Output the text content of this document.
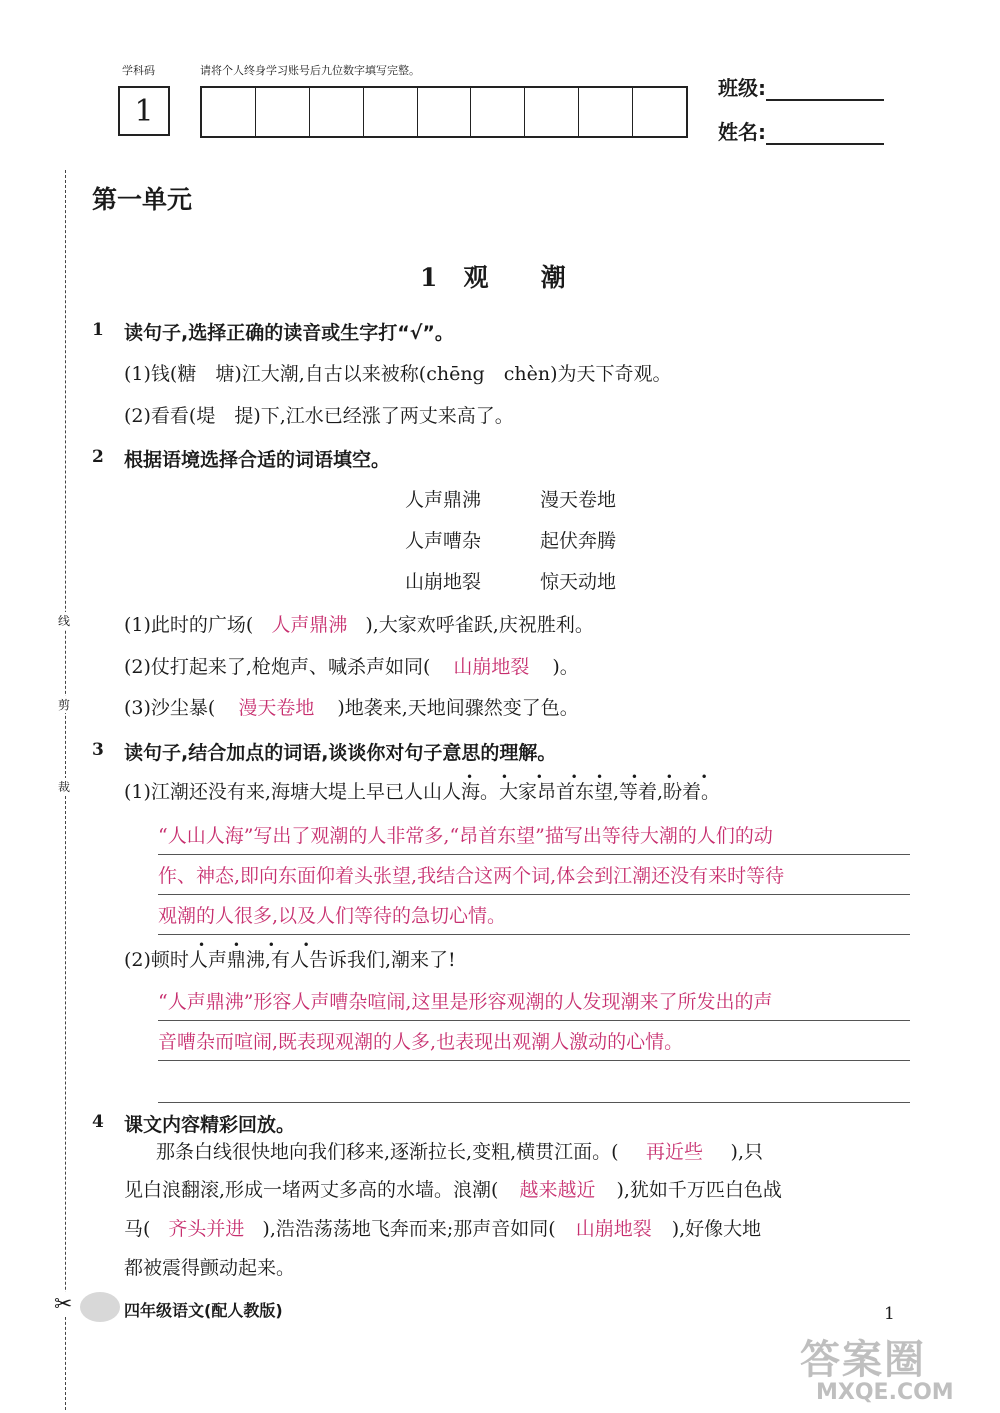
学科码	请将个人终身学习账号后九位数字填写完整。
1
班级:
姓名:
线
剪
裁
✂
第一单元
1 观 潮
1 读句子,选择正确的读音或生字打“√”。
(1)钱(糖　塘)江大潮,自古以来被称(chēng　chèn)为天下奇观。
(2)看看(堤　提)下,江水已经涨了两丈来高了。
2 根据语境选择合适的词语填空。
人声鼎沸	漫天卷地
人声嘈杂	起伏奔腾
山崩地裂	惊天动地
(1)此时的广场( 人声鼎沸 ),大家欢呼雀跃,庆祝胜利。
(2)仗打起来了,枪炮声、喊杀声如同( 山崩地裂 )。
(3)沙尘暴( 漫天卷地 )地袭来,天地间骤然变了色。
3 读句子,结合加点的词语,谈谈你对句子意思的理解。
(1)江潮还没有来,海塘大堤上早已人山人海。大家昂首东望,等着,盼着。
• • • • • • • •
“人山人海”写出了观潮的人非常多,“昂首东望”描写出等待大潮的人们的动
作、神态,即向东面仰着头张望,我结合这两个词,体会到江潮还没有来时等待
观潮的人很多,以及人们等待的急切心情。
(2)顿时人声鼎沸,有人告诉我们,潮来了!
• • • •
“人声鼎沸”形容人声嘈杂喧闹,这里是形容观潮的人发现潮来了所发出的声
音嘈杂而喧闹,既表现观潮的人多,也表现出观潮人激动的心情。
4 课文内容精彩回放。
那条白线很快地向我们移来,逐渐拉长,变粗,横贯江面。( 再近些 ),只
见白浪翻滚,形成一堵两丈多高的水墙。浪潮( 越来越近 ),犹如千万匹白色战
马( 齐头并进 ),浩浩荡荡地飞奔而来;那声音如同( 山崩地裂 ),好像大地
都被震得颤动起来。
四年级语文(配人教版)	1
答案圈
MXQE.COM
